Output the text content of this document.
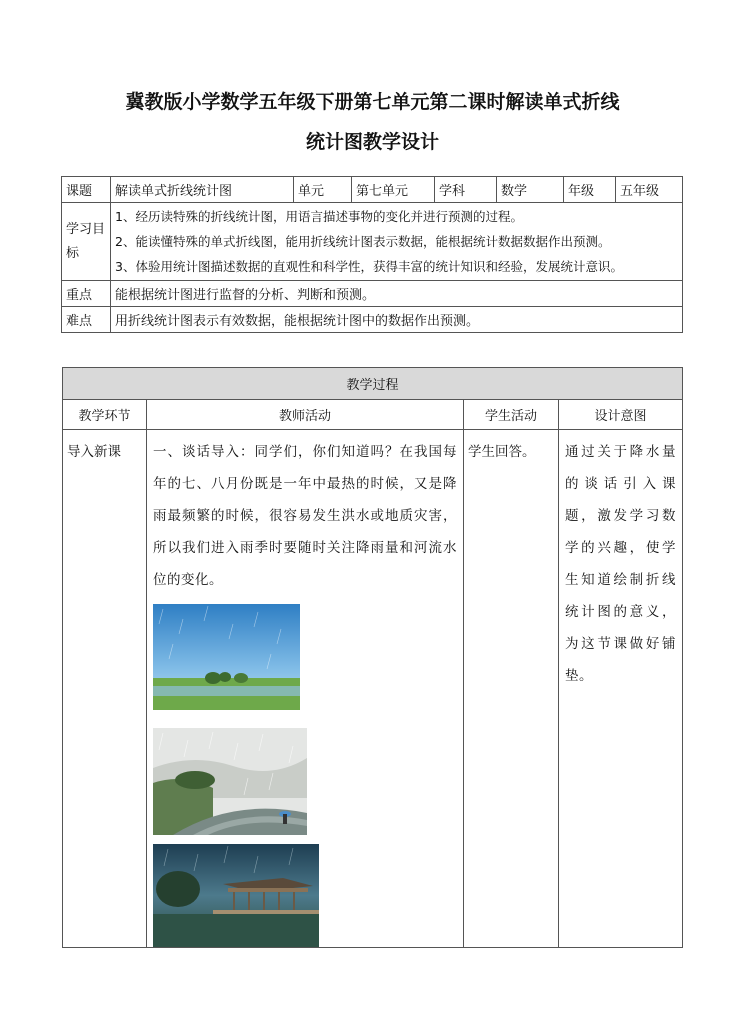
冀教版小学数学五年级下册第七单元第二课时解读单式折线
统计图教学设计
课题	解读单式折线统计图	单元	第七单元	学科	数学	年级	五年级
学习目标	1、经历读特殊的折线统计图，用语言描述事物的变化并进行预测的过程。
2、能读懂特殊的单式折线图，能用折线统计图表示数据，能根据统计数据数据作出预测。
3、体验用统计图描述数据的直观性和科学性，获得丰富的统计知识和经验，发展统计意识。						

重点	能根据统计图进行监督的分析、判断和预测。						
难点	用折线统计图表示有效数据，能根据统计图中的数据作出预测。						
教学过程			
教学环节	教师活动	学生活动	设计意图
导入新课	一、谈话导入：同学们，你们知道吗？在我国每年的七、八月份既是一年中最热的时候，又是降雨最频繁的时候，很容易发生洪水或地质灾害，所以我们进入雨季时要随时关注降雨量和河流水位的变化。	学生回答。	通过关于降水量的谈话引入课题，激发学习数学的兴趣，使学生知道绘制折线统计图的意义，为这节课做好铺垫。
